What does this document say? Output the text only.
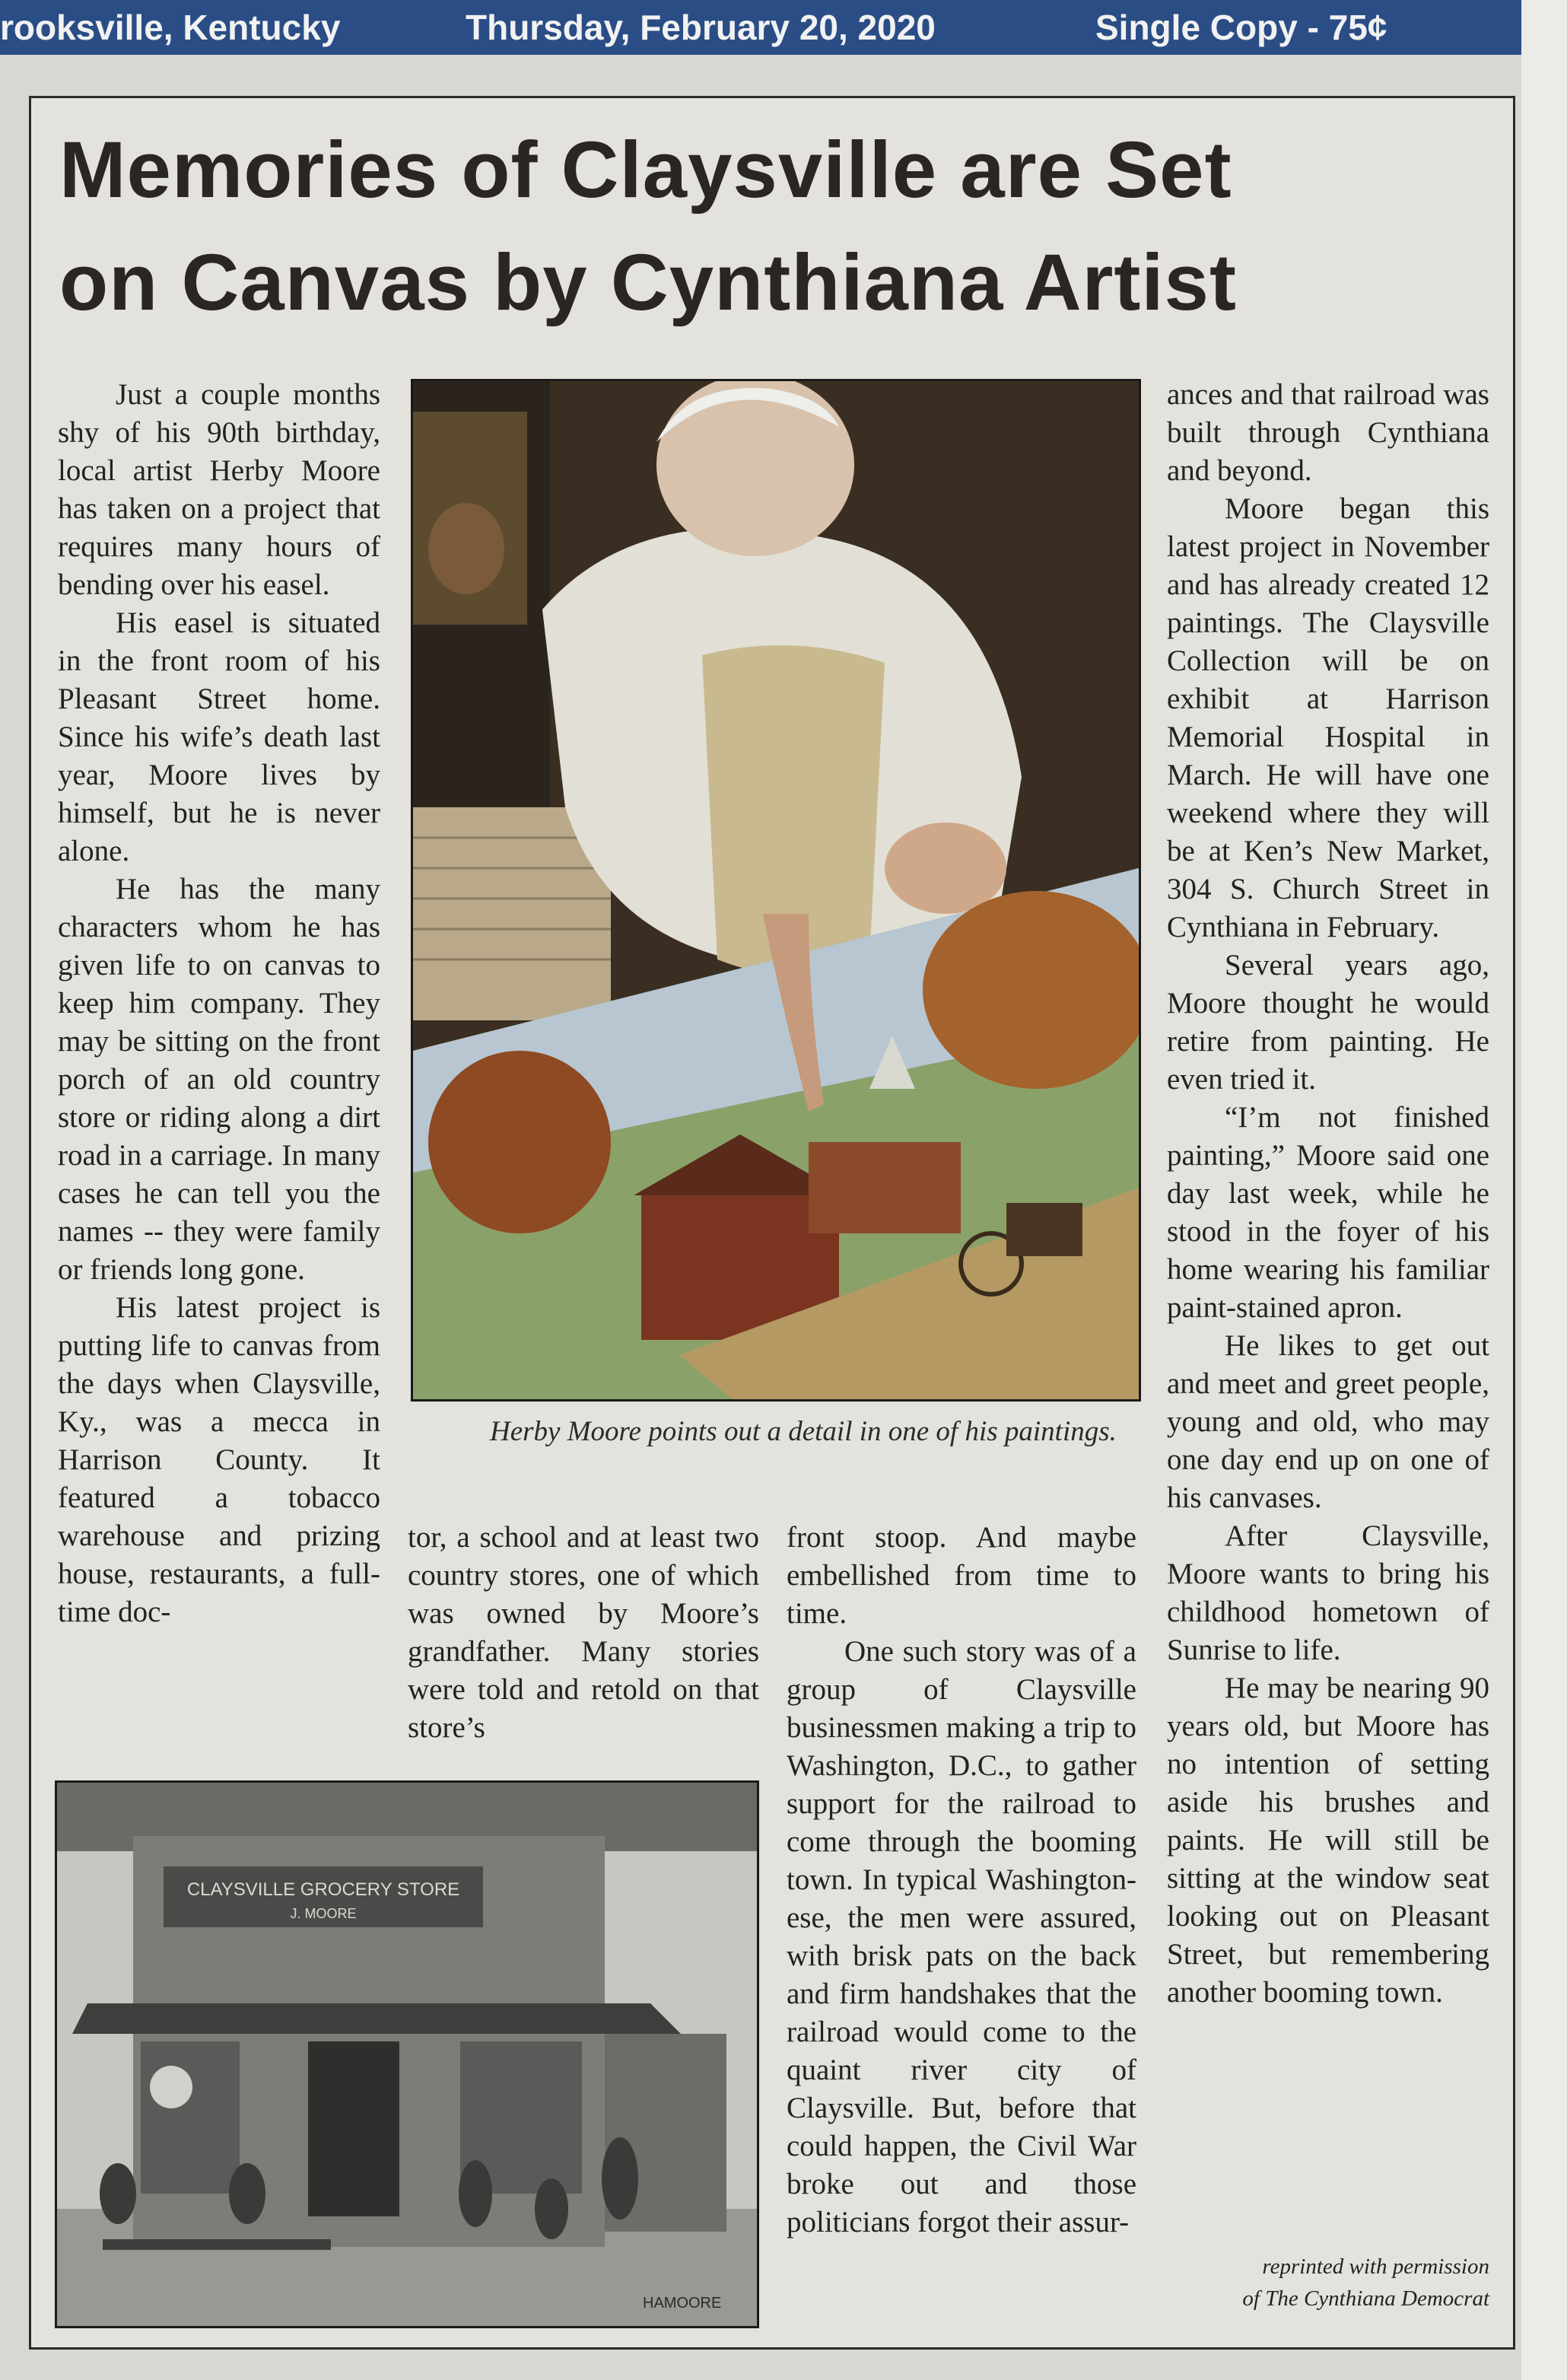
rooksville, Kentucky	Thursday, February 20, 2020	Single Copy - 75¢
Memories of Claysville are Set
on Canvas by Cynthiana Artist
Herby Moore points out a detail in one of his paintings.
CLAYSVILLE GROCERY STORE
J. MOORE
HAMOORE

Just a couple months shy of his 90th birthday, local artist Herby Moore has taken on a project that requires many hours of bending over his easel.

His easel is situated in the front room of his Pleasant Street home. Since his wife’s death last year, Moore lives by himself, but he is never alone.

He has the many characters whom he has given life to on canvas to keep him company. They may be sitting on the front porch of an old country store or riding along a dirt road in a carriage. In many cases he can tell you the names -- they were family or friends long gone.

His latest project is putting life to canvas from the days when Claysville, Ky., was a mecca in Harrison County. It featured a tobacco warehouse and prizing house, restaurants, a full-time doc-

tor, a school and at least two country stores, one of which was owned by Moore’s grandfather. Many stories were told and retold on that store’s

front stoop. And maybe embellished from time to time.

One such story was of a group of Claysville businessmen making a trip to Washington, D.C., to gather support for the railroad to come through the booming town. In typical Washington-ese, the men were assured, with brisk pats on the back and firm handshakes that the railroad would come to the quaint river city of Claysville. But, before that could happen, the Civil War broke out and those politicians forgot their assur-

ances and that railroad was built through Cynthiana and beyond.

Moore began this latest project in November and has already created 12 paintings. The Claysville Collection will be on exhibit at Harrison Memorial Hospital in March. He will have one weekend where they will be at Ken’s New Market, 304 S. Church Street in Cynthiana in February.

Several years ago, Moore thought he would retire from painting. He even tried it.

“I’m not finished painting,” Moore said one day last week, while he stood in the foyer of his home wearing his familiar paint-stained apron.

He likes to get out and meet and greet people, young and old, who may one day end up on one of his canvases.

After Claysville, Moore wants to bring his childhood hometown of Sunrise to life.

He may be nearing 90 years old, but Moore has no intention of setting aside his brushes and paints. He will still be sitting at the window seat looking out on Pleasant Street, but remembering another booming town.

reprinted with permission
of The Cynthiana Democrat
